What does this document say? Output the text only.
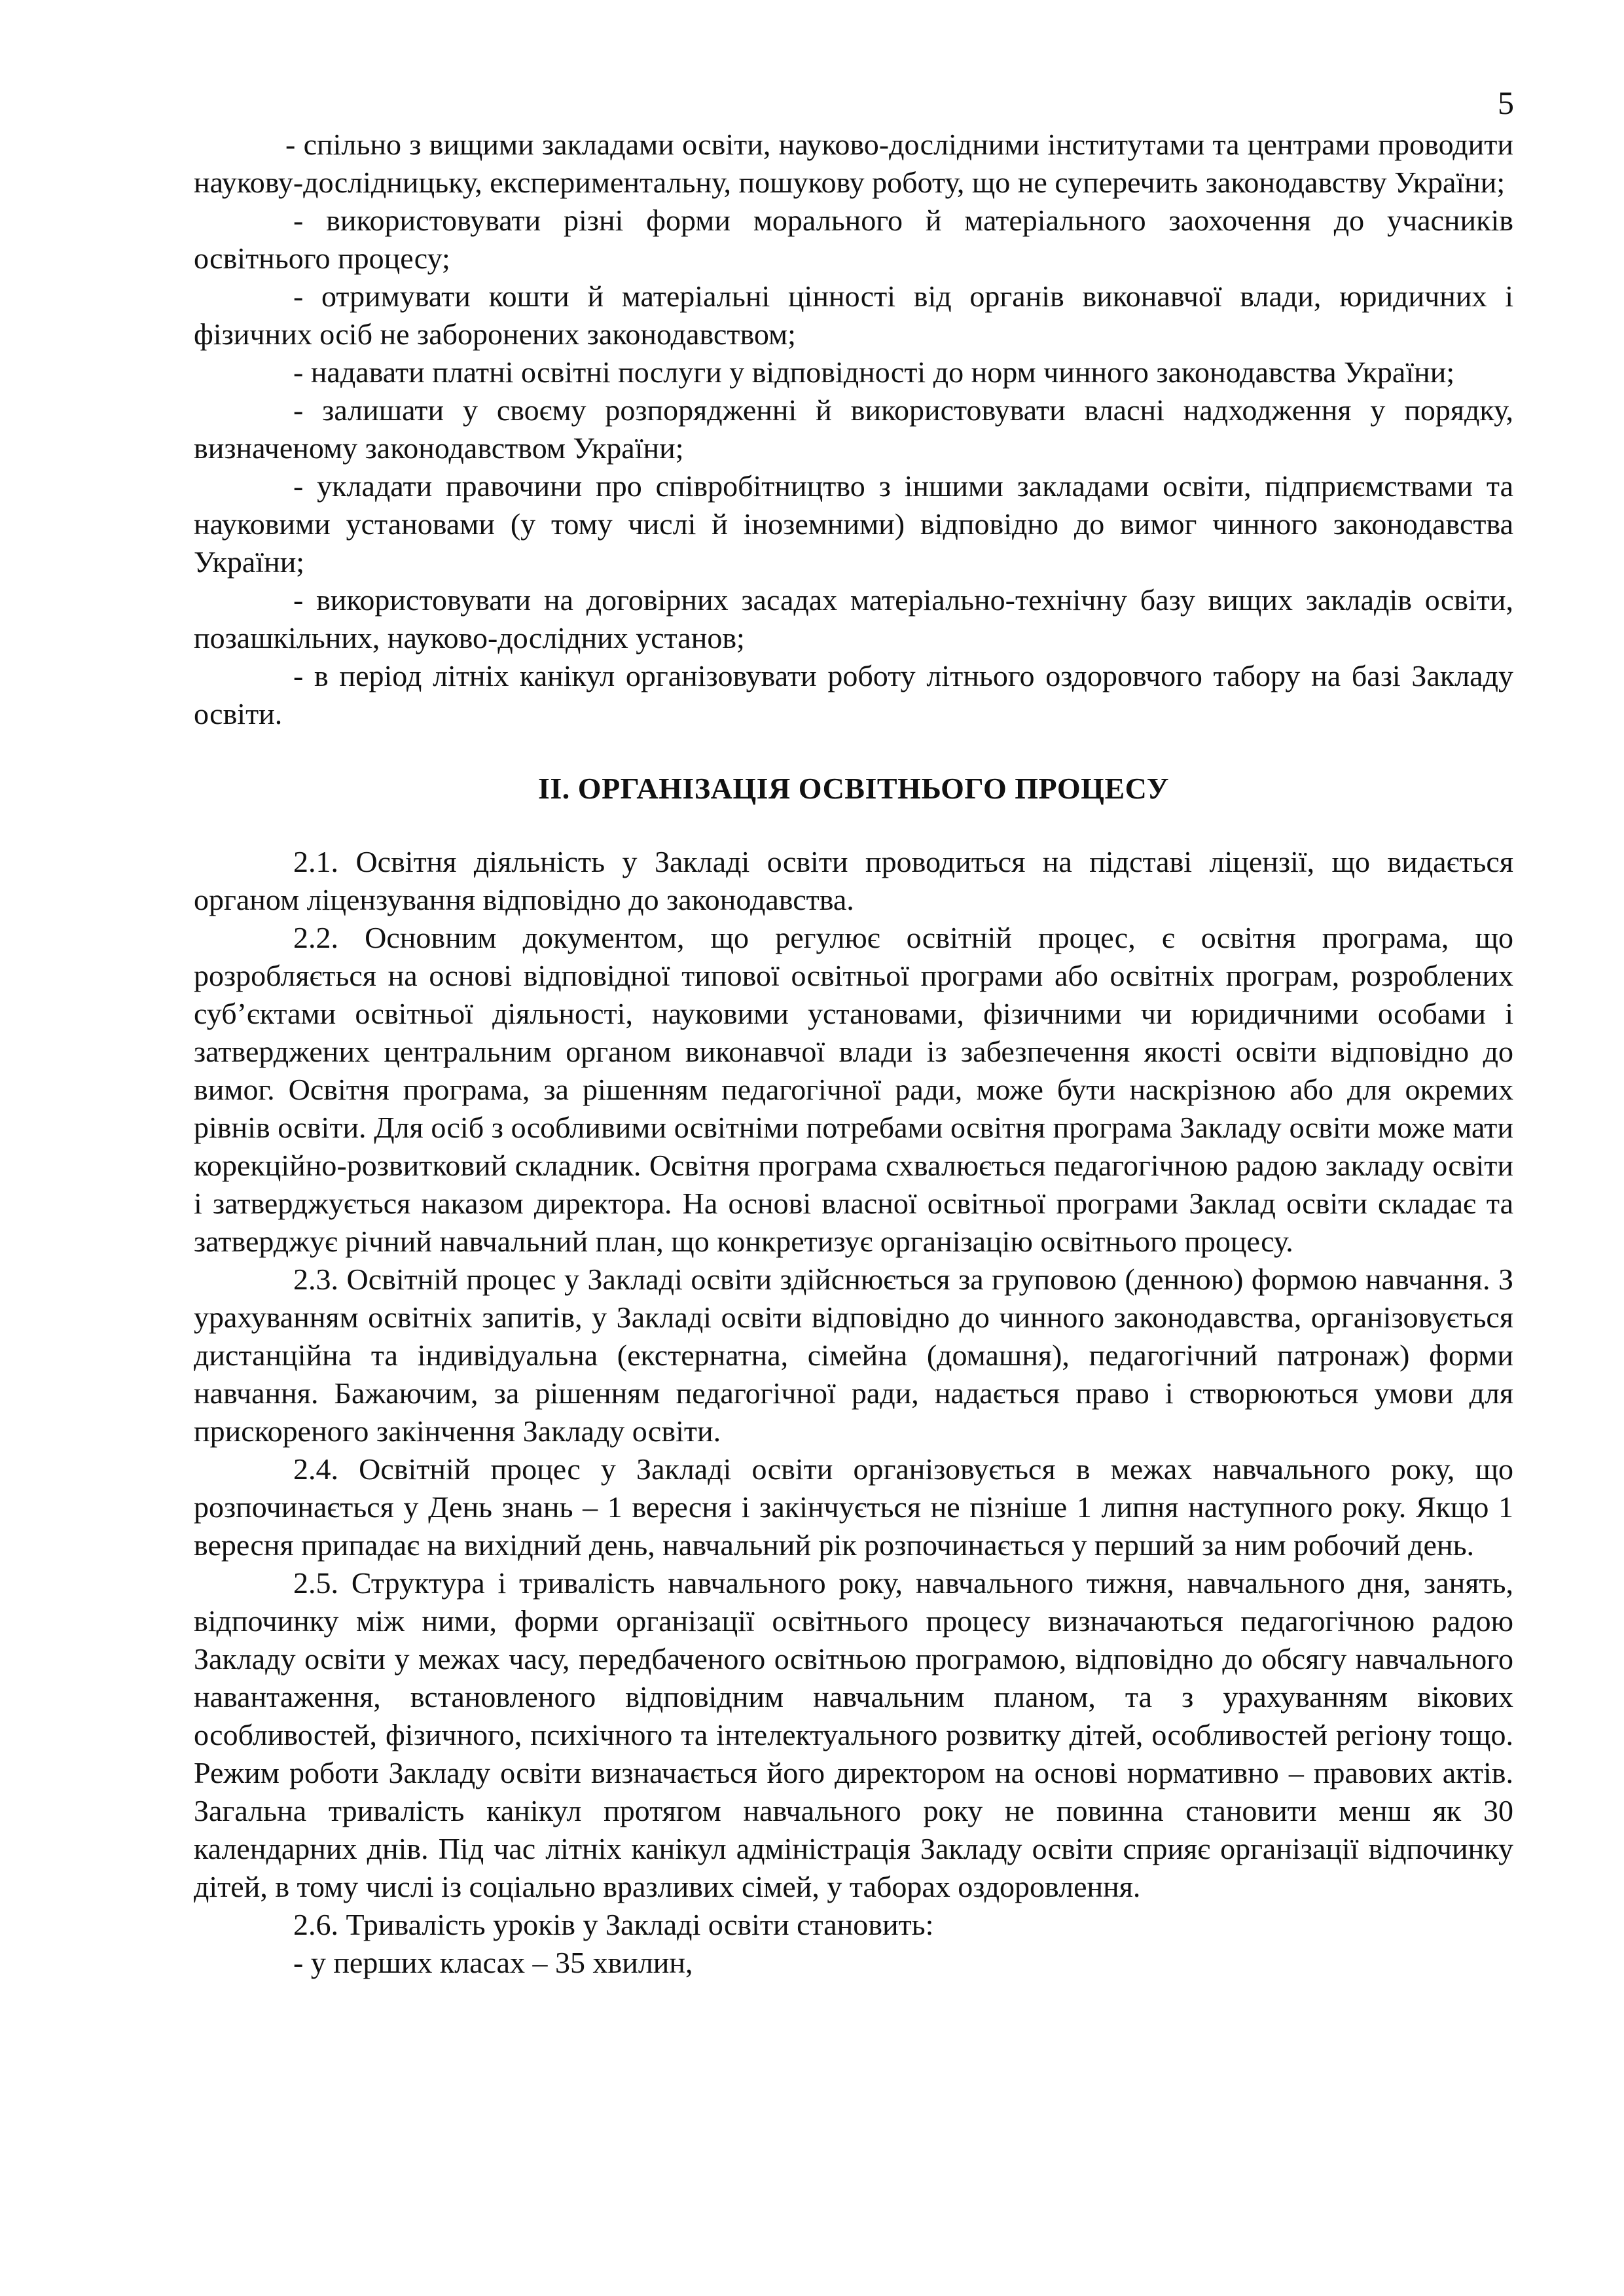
5

- спільно з вищими закладами освіти, науково-дослідними інститутами та центрами проводити наукову-дослідницьку, експериментальну, пошукову роботу, що не суперечить законодавству України;

- використовувати різні форми морального й матеріального заохочення до учасників освітнього процесу;

- отримувати кошти й матеріальні цінності від органів виконавчої влади, юридичних і фізичних осіб не заборонених законодавством;

- надавати платні освітні послуги у відповідності до норм чинного законодавства України;

- залишати у своєму розпорядженні й використовувати власні надходження у порядку, визначеному законодавством України;

- укладати правочини про співробітництво з іншими закладами освіти, підприємствами та науковими установами (у тому числі й іноземними) відповідно до вимог чинного законодавства України;

- використовувати на договірних засадах матеріально-технічну базу вищих закладів освіти, позашкільних, науково-дослідних установ;

- в період літніх канікул організовувати роботу літнього оздоровчого табору на базі Закладу освіти.

ІІ. ОРГАНІЗАЦІЯ ОСВІТНЬОГО ПРОЦЕСУ

2.1. Освітня діяльність у Закладі освіти проводиться на підставі ліцензії, що видається органом ліцензування відповідно до законодавства.

2.2. Основним документом, що регулює освітній процес, є освітня програма, що розробляється на основі відповідної типової освітньої програми або освітніх програм, розроблених суб’єктами освітньої діяльності, науковими установами, фізичними чи юридичними особами і затверджених центральним органом виконавчої влади із забезпечення якості освіти відповідно до вимог. Освітня програма, за рішенням педагогічної ради, може бути наскрізною або для окремих рівнів освіти. Для осіб з особливими освітніми потребами освітня програма Закладу освіти може мати корекційно-розвитковий складник. Освітня програма схвалюється педагогічною радою закладу освіти і затверджується наказом директора. На основі власної освітньої програми Заклад освіти складає та затверджує річний навчальний план, що конкретизує організацію освітнього процесу.

2.3. Освітній процес у Закладі освіти здійснюється за груповою (денною) формою навчання. З урахуванням освітніх запитів, у Закладі освіти відповідно до чинного законодавства, організовується дистанційна та індивідуальна (екстернатна, сімейна (домашня), педагогічний патронаж) форми навчання. Бажаючим, за рішенням педагогічної ради, надається право і створюються умови для прискореного закінчення Закладу освіти.

2.4. Освітній процес у Закладі освіти організовується в межах навчального року, що розпочинається у День знань – 1 вересня і закінчується не пізніше 1 липня наступного року. Якщо 1 вересня припадає на вихідний день, навчальний рік розпочинається у перший за ним робочий день.

2.5. Структура і тривалість навчального року, навчального тижня, навчального дня, занять, відпочинку між ними, форми організації освітнього процесу визначаються педагогічною радою Закладу освіти у межах часу, передбаченого освітньою програмою, відповідно до обсягу навчального навантаження, встановленого відповідним навчальним планом, та з урахуванням вікових особливостей, фізичного, психічного та інтелектуального розвитку дітей, особливостей регіону тощо. Режим роботи Закладу освіти визначається його директором на основі нормативно – правових актів. Загальна тривалість канікул протягом навчального року не повинна становити менш як 30 календарних днів. Під час літніх канікул адміністрація Закладу освіти сприяє організації відпочинку дітей, в тому числі із соціально вразливих сімей, у таборах оздоровлення.

2.6. Тривалість уроків у Закладі освіти становить:

- у перших класах – 35 хвилин,
